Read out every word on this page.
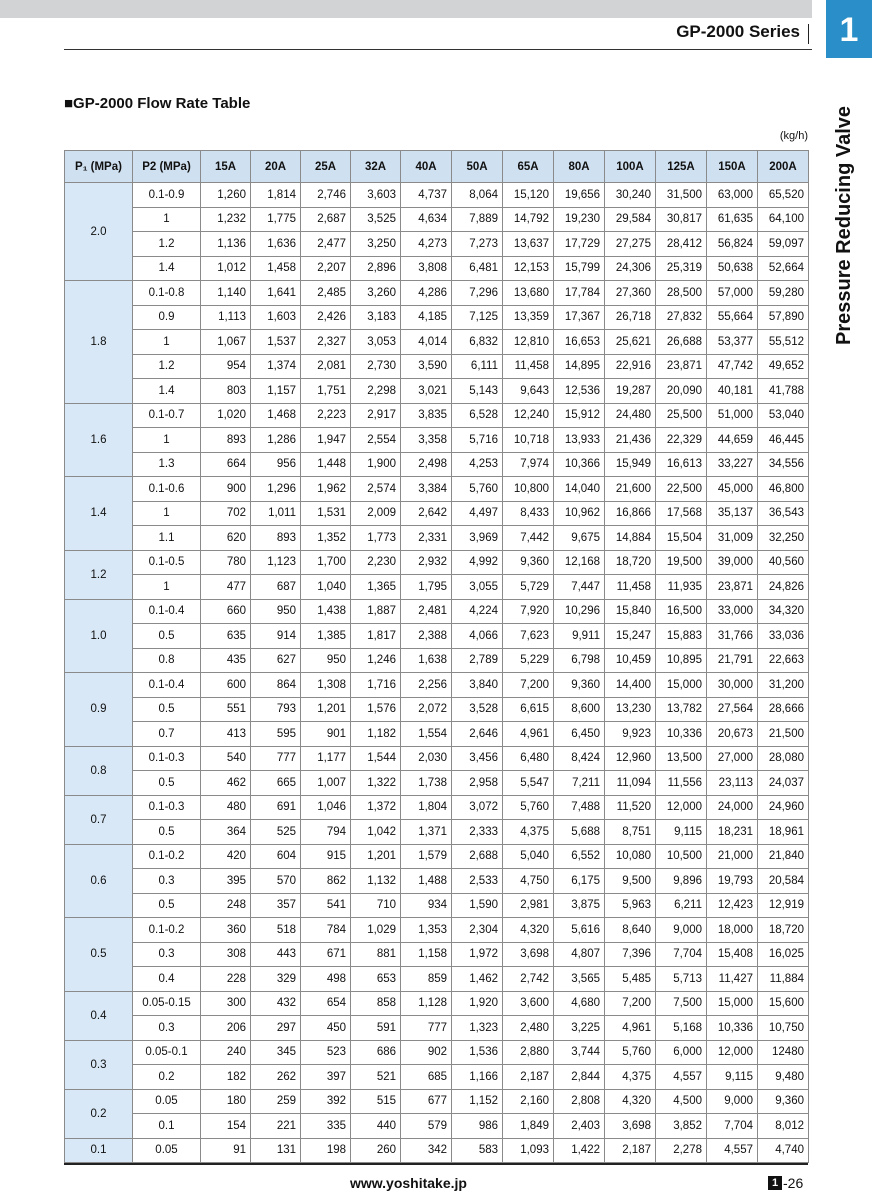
GP-2000 Series	1
Pressure Reducing Valve
■GP-2000 Flow Rate Table
(kg/h)
P₁ (MPa)	P2 (MPa)	15A	20A	25A	32A	40A	50A	65A	80A	100A	125A	150A	200A
2.0	0.1-0.9	1,260	1,814	2,746	3,603	4,737	8,064	15,120	19,656	30,240	31,500	63,000	65,520
	1	1,232	1,775	2,687	3,525	4,634	7,889	14,792	19,230	29,584	30,817	61,635	64,100
	1.2	1,136	1,636	2,477	3,250	4,273	7,273	13,637	17,729	27,275	28,412	56,824	59,097
	1.4	1,012	1,458	2,207	2,896	3,808	6,481	12,153	15,799	24,306	25,319	50,638	52,664
1.8	0.1-0.8	1,140	1,641	2,485	3,260	4,286	7,296	13,680	17,784	27,360	28,500	57,000	59,280
	0.9	1,113	1,603	2,426	3,183	4,185	7,125	13,359	17,367	26,718	27,832	55,664	57,890
	1	1,067	1,537	2,327	3,053	4,014	6,832	12,810	16,653	25,621	26,688	53,377	55,512
	1.2	954	1,374	2,081	2,730	3,590	6,111	11,458	14,895	22,916	23,871	47,742	49,652
	1.4	803	1,157	1,751	2,298	3,021	5,143	9,643	12,536	19,287	20,090	40,181	41,788
1.6	0.1-0.7	1,020	1,468	2,223	2,917	3,835	6,528	12,240	15,912	24,480	25,500	51,000	53,040
	1	893	1,286	1,947	2,554	3,358	5,716	10,718	13,933	21,436	22,329	44,659	46,445
	1.3	664	956	1,448	1,900	2,498	4,253	7,974	10,366	15,949	16,613	33,227	34,556
1.4	0.1-0.6	900	1,296	1,962	2,574	3,384	5,760	10,800	14,040	21,600	22,500	45,000	46,800
	1	702	1,011	1,531	2,009	2,642	4,497	8,433	10,962	16,866	17,568	35,137	36,543
	1.1	620	893	1,352	1,773	2,331	3,969	7,442	9,675	14,884	15,504	31,009	32,250
1.2	0.1-0.5	780	1,123	1,700	2,230	2,932	4,992	9,360	12,168	18,720	19,500	39,000	40,560
	1	477	687	1,040	1,365	1,795	3,055	5,729	7,447	11,458	11,935	23,871	24,826
1.0	0.1-0.4	660	950	1,438	1,887	2,481	4,224	7,920	10,296	15,840	16,500	33,000	34,320
	0.5	635	914	1,385	1,817	2,388	4,066	7,623	9,911	15,247	15,883	31,766	33,036
	0.8	435	627	950	1,246	1,638	2,789	5,229	6,798	10,459	10,895	21,791	22,663
0.9	0.1-0.4	600	864	1,308	1,716	2,256	3,840	7,200	9,360	14,400	15,000	30,000	31,200
	0.5	551	793	1,201	1,576	2,072	3,528	6,615	8,600	13,230	13,782	27,564	28,666
	0.7	413	595	901	1,182	1,554	2,646	4,961	6,450	9,923	10,336	20,673	21,500
0.8	0.1-0.3	540	777	1,177	1,544	2,030	3,456	6,480	8,424	12,960	13,500	27,000	28,080
	0.5	462	665	1,007	1,322	1,738	2,958	5,547	7,211	11,094	11,556	23,113	24,037
0.7	0.1-0.3	480	691	1,046	1,372	1,804	3,072	5,760	7,488	11,520	12,000	24,000	24,960
	0.5	364	525	794	1,042	1,371	2,333	4,375	5,688	8,751	9,115	18,231	18,961
0.6	0.1-0.2	420	604	915	1,201	1,579	2,688	5,040	6,552	10,080	10,500	21,000	21,840
	0.3	395	570	862	1,132	1,488	2,533	4,750	6,175	9,500	9,896	19,793	20,584
	0.5	248	357	541	710	934	1,590	2,981	3,875	5,963	6,211	12,423	12,919
0.5	0.1-0.2	360	518	784	1,029	1,353	2,304	4,320	5,616	8,640	9,000	18,000	18,720
	0.3	308	443	671	881	1,158	1,972	3,698	4,807	7,396	7,704	15,408	16,025
	0.4	228	329	498	653	859	1,462	2,742	3,565	5,485	5,713	11,427	11,884
0.4	0.05-0.15	300	432	654	858	1,128	1,920	3,600	4,680	7,200	7,500	15,000	15,600
	0.3	206	297	450	591	777	1,323	2,480	3,225	4,961	5,168	10,336	10,750
0.3	0.05-0.1	240	345	523	686	902	1,536	2,880	3,744	5,760	6,000	12,000	12480
	0.2	182	262	397	521	685	1,166	2,187	2,844	4,375	4,557	9,115	9,480
0.2	0.05	180	259	392	515	677	1,152	2,160	2,808	4,320	4,500	9,000	9,360
	0.1	154	221	335	440	579	986	1,849	2,403	3,698	3,852	7,704	8,012
0.1	0.05	91	131	198	260	342	583	1,093	1,422	2,187	2,278	4,557	4,740
www.yoshitake.jp	1 -26
